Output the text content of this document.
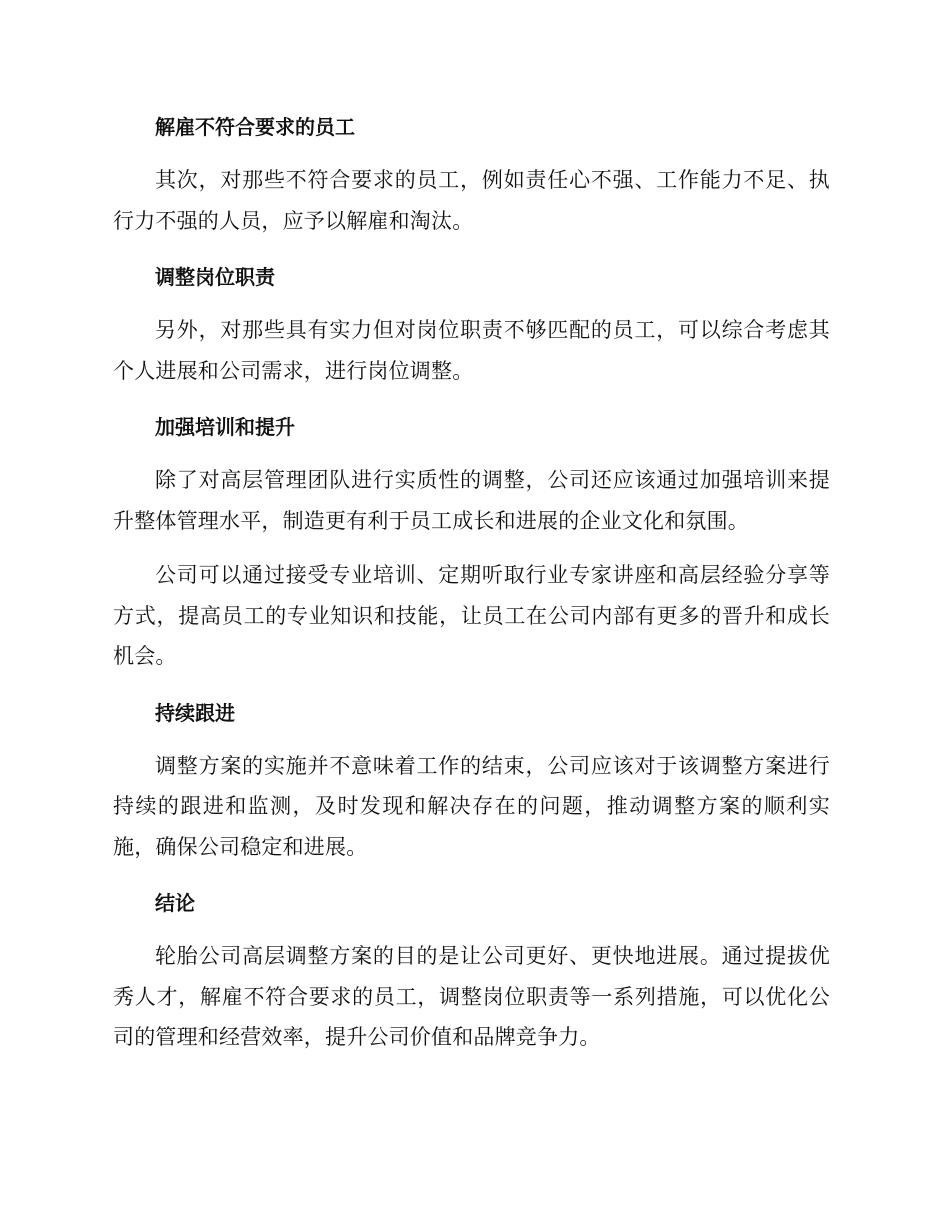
解雇不符合要求的员工

其次，对那些不符合要求的员工，例如责任心不强、工作能力不足、执行力不强的人员，应予以解雇和淘汰。

调整岗位职责

另外，对那些具有实力但对岗位职责不够匹配的员工，可以综合考虑其个人进展和公司需求，进行岗位调整。

加强培训和提升

除了对高层管理团队进行实质性的调整，公司还应该通过加强培训来提升整体管理水平，制造更有利于员工成长和进展的企业文化和氛围。

公司可以通过接受专业培训、定期听取行业专家讲座和高层经验分享等方式，提高员工的专业知识和技能，让员工在公司内部有更多的晋升和成长机会。

持续跟进

调整方案的实施并不意味着工作的结束，公司应该对于该调整方案进行持续的跟进和监测，及时发现和解决存在的问题，推动调整方案的顺利实施，确保公司稳定和进展。

结论

轮胎公司高层调整方案的目的是让公司更好、更快地进展。通过提拔优秀人才，解雇不符合要求的员工，调整岗位职责等一系列措施，可以优化公司的管理和经营效率，提升公司价值和品牌竞争力。
